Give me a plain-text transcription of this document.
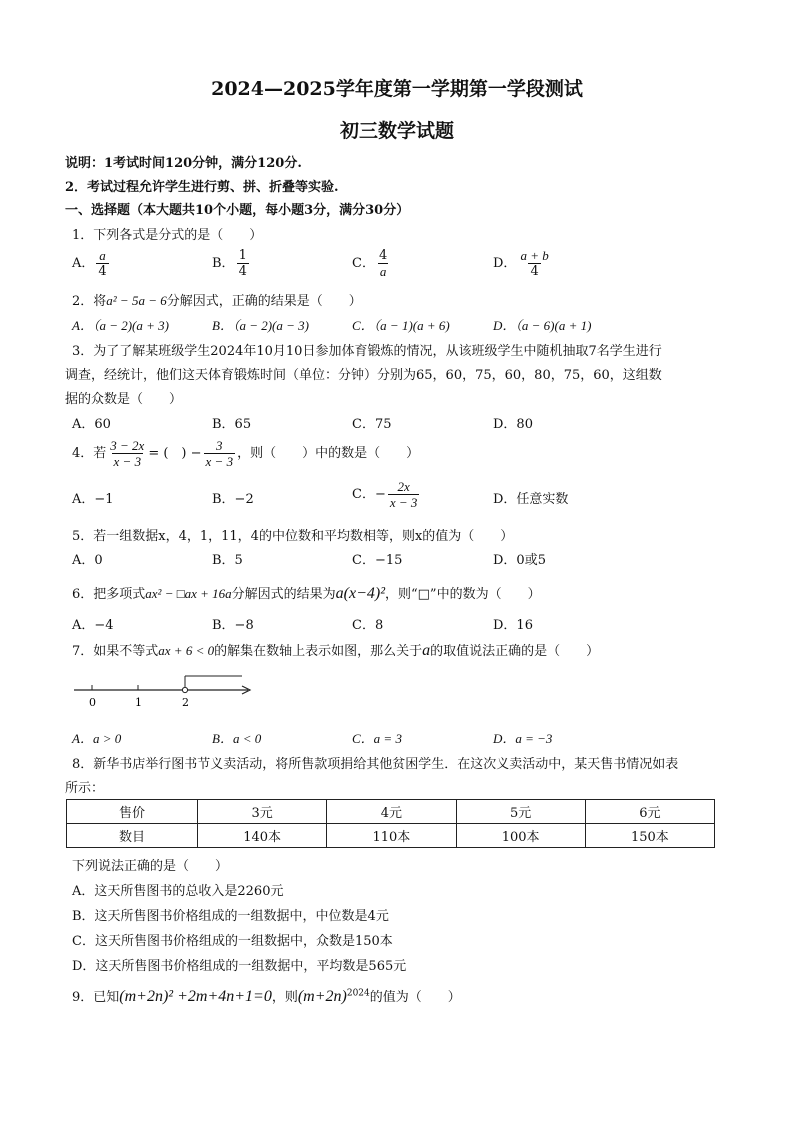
2024—2025学年度第一学期第一学段测试
初三数学试题
说明：1考试时间120分钟，满分120分.
2．考试过程允许学生进行剪、拼、折叠等实验.
一、选择题（本大题共10个小题，每小题3分，满分30分）
1．下列各式是分式的是（　　）
A． $\frac{a}{4}$	B． $\frac{1}{4}$	C． $\frac{4}{a}$	D． $\frac{a + b}{4}$
2．将a² − 5a − 6分解因式，正确的结果是（　　）
A．（a − 2)(a + 3)	B．（a − 2)(a − 3)	C．（a − 1)(a + 6)	D．（a − 6)(a + 1)
3．为了了解某班级学生2024年10月10日参加体育锻炼的情况，从该班级学生中随机抽取7名学生进行
调查，经统计，他们这天体育锻炼时间（单位：分钟）分别为65，60，75，60，80，75，60，这组数
据的众数是（　　）
A．60	B．65	C．75	D．80
4．若 $\frac{3 - 2x}{x - 3}$ = (　) − $\frac{3}{x - 3}$ ，则（　　）中的数是（　　）
A．−1	B．−2	C．− $\frac{2x}{x - 3}$	D．任意实数
5．若一组数据x，4，1，11，4的中位数和平均数相等，则x的值为（　　）
A．0	B．5	C．−15	D．0或5
6．把多项式ax² − □ax + 16a分解因式的结果为a(x−4)²，则“□”中的数为（　　）
A．−4	B．−8	C．8	D．16
7．如果不等式ax + 6 < 0的解集在数轴上表示如图，那么关于a的取值说法正确的是（　　）
0	1	2
A．a > 0	B．a < 0	C．a = 3	D．a = −3
8．新华书店举行图书节义卖活动，将所售款项捐给其他贫困学生．在这次义卖活动中，某天售书情况如表
所示：
售价	3元	4元	5元	6元
数目	140本	110本	100本	150本
下列说法正确的是（　　）
A．这天所售图书的总收入是2260元
B．这天所售图书价格组成的一组数据中，中位数是4元
C．这天所售图书价格组成的一组数据中，众数是150本
D．这天所售图书价格组成的一组数据中，平均数是565元
9．已知(m+2n)² +2m+4n+1=0，则$(m+2n)^{2024}$的值为（　　）
